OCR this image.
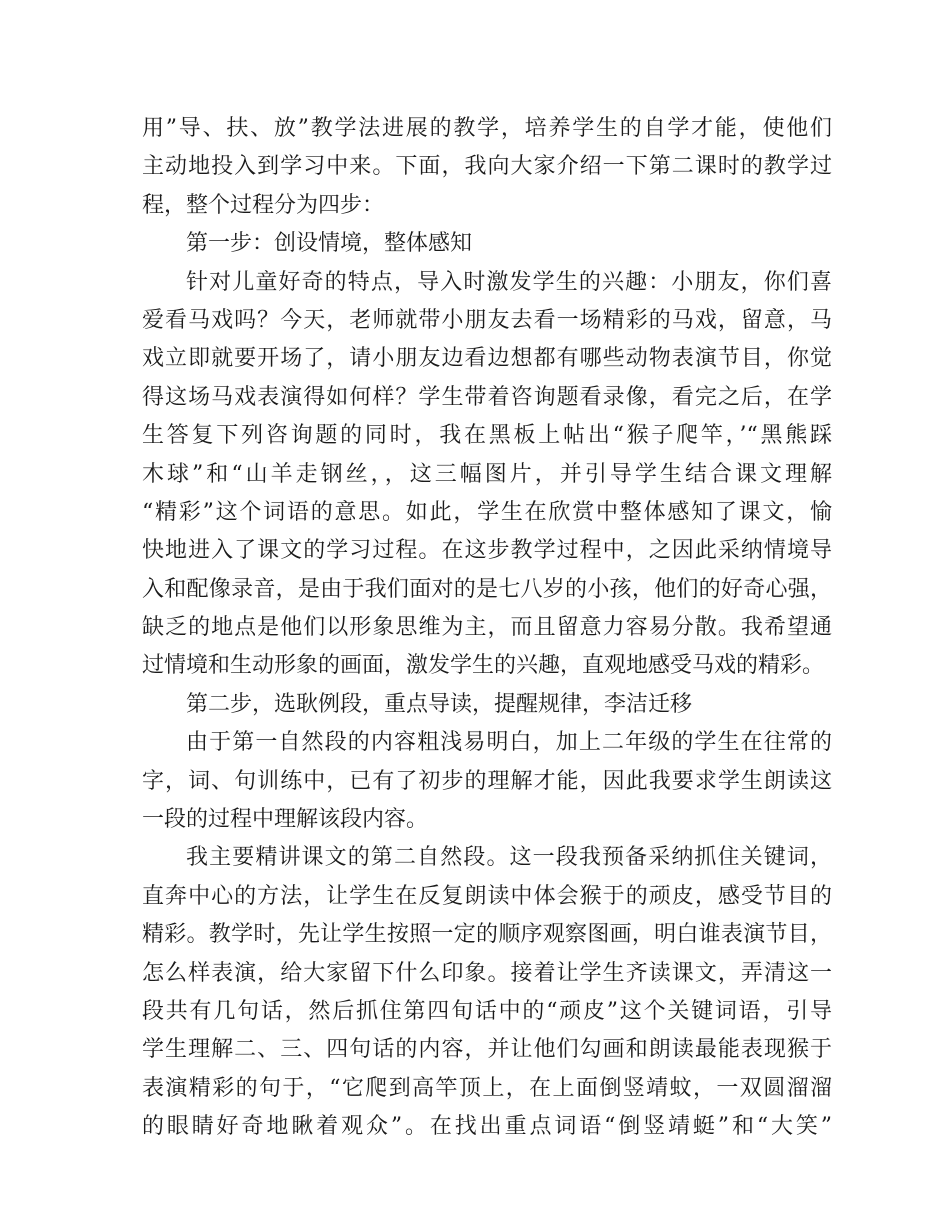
用”导、扶、放”教学法进展的教学，培养学生的自学才能，使他们
主动地投入到学习中来。下面，我向大家介绍一下第二课时的教学过
程，整个过程分为四步：
第一步：创设情境，整体感知
针对儿童好奇的特点，导入时激发学生的兴趣：小朋友，你们喜
爱看马戏吗？今天，老师就带小朋友去看一场精彩的马戏，留意，马
戏立即就要开场了，请小朋友边看边想都有哪些动物表演节目，你觉
得这场马戏表演得如何样？学生带着咨询题看录像，看完之后，在学
生答复下列咨询题的同时，我在黑板上帖出“猴子爬竿，’“黑熊踩
木球”和“山羊走钢丝，，这三幅图片，并引导学生结合课文理解
“精彩”这个词语的意思。如此，学生在欣赏中整体感知了课文，愉
快地进入了课文的学习过程。在这步教学过程中，之因此采纳情境导
入和配像录音，是由于我们面对的是七八岁的小孩，他们的好奇心强，
缺乏的地点是他们以形象思维为主，而且留意力容易分散。我希望通
过情境和生动形象的画面，激发学生的兴趣，直观地感受马戏的精彩。
第二步，选耿例段，重点导读，提醒规律，李洁迁移
由于第一自然段的内容粗浅易明白，加上二年级的学生在往常的
字，词、句训练中，已有了初步的理解才能，因此我要求学生朗读这
一段的过程中理解该段内容。
我主要精讲课文的第二自然段。这一段我预备采纳抓住关键词，
直奔中心的方法，让学生在反复朗读中体会猴于的顽皮，感受节目的
精彩。教学时，先让学生按照一定的顺序观察图画，明白谁表演节目，
怎么样表演，给大家留下什么印象。接着让学生齐读课文，弄清这一
段共有几句话，然后抓住第四旬话中的“顽皮”这个关键词语，引导
学生理解二、三、四句话的内容，并让他们勾画和朗读最能表现猴于
表演精彩的句于，“它爬到高竿顶上，在上面倒竖靖蚊，一双圆溜溜
的眼睛好奇地瞅着观众”。在找出重点词语“倒竖靖蜓”和“大笑”
